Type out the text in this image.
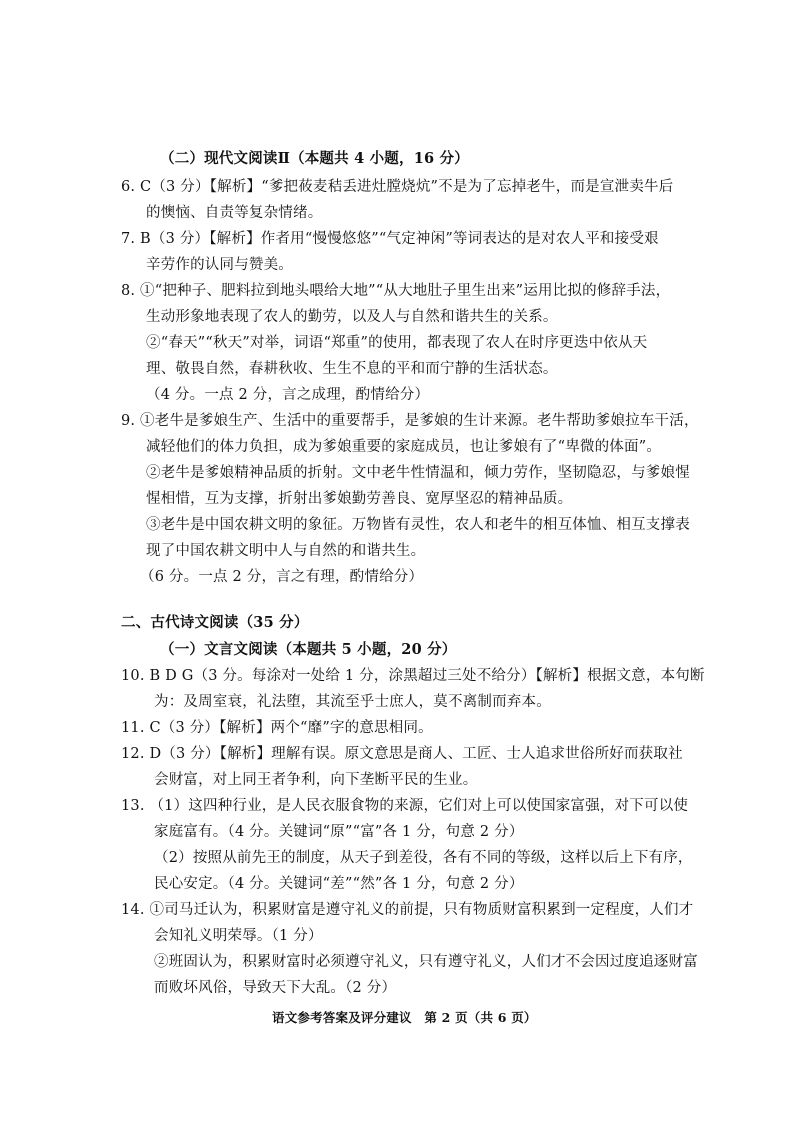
（二）现代文阅读Ⅱ（本题共 4 小题，16 分）
6. C（3 分）【解析】“爹把莜麦秸丢进灶膛烧炕”不是为了忘掉老牛，而是宣泄卖牛后
的懊恼、自责等复杂情绪。
7. B（3 分）【解析】作者用“慢慢悠悠”“气定神闲”等词表达的是对农人平和接受艰
辛劳作的认同与赞美。
8. ①“把种子、肥料拉到地头喂给大地”“从大地肚子里生出来”运用比拟的修辞手法，
生动形象地表现了农人的勤劳，以及人与自然和谐共生的关系。
②“春天”“秋天”对举，词语“郑重”的使用，都表现了农人在时序更迭中依从天
理、敬畏自然，春耕秋收、生生不息的平和而宁静的生活状态。
（4 分。一点 2 分，言之成理，酌情给分）
9. ①老牛是爹娘生产、生活中的重要帮手，是爹娘的生计来源。老牛帮助爹娘拉车干活，
减轻他们的体力负担，成为爹娘重要的家庭成员，也让爹娘有了“卑微的体面”。
②老牛是爹娘精神品质的折射。文中老牛性情温和，倾力劳作，坚韧隐忍，与爹娘惺
惺相惜，互为支撑，折射出爹娘勤劳善良、宽厚坚忍的精神品质。
③老牛是中国农耕文明的象征。万物皆有灵性，农人和老牛的相互体恤、相互支撑表
现了中国农耕文明中人与自然的和谐共生。
（6 分。一点 2 分，言之有理，酌情给分）
二、古代诗文阅读（35 分）
（一）文言文阅读（本题共 5 小题，20 分）
10. B D G（3 分。每涂对一处给 1 分，涂黑超过三处不给分）【解析】根据文意，本句断
为：及周室衰，礼法堕，其流至乎士庶人，莫不离制而弃本。
11. C（3 分）【解析】两个“靡”字的意思相同。
12. D（3 分）【解析】理解有误。原文意思是商人、工匠、士人追求世俗所好而获取社
会财富，对上同王者争利，向下垄断平民的生业。
13. （1）这四种行业，是人民衣服食物的来源，它们对上可以使国家富强，对下可以使
家庭富有。（4 分。关键词“原”“富”各 1 分，句意 2 分）
（2）按照从前先王的制度，从天子到差役，各有不同的等级，这样以后上下有序，
民心安定。（4 分。关键词“差”“然”各 1 分，句意 2 分）
14. ①司马迁认为，积累财富是遵守礼义的前提，只有物质财富积累到一定程度，人们才
会知礼义明荣辱。（1 分）
②班固认为，积累财富时必须遵守礼义，只有遵守礼义，人们才不会因过度追逐财富
而败坏风俗，导致天下大乱。（2 分）
语文参考答案及评分建议　第 2 页（共 6 页）
